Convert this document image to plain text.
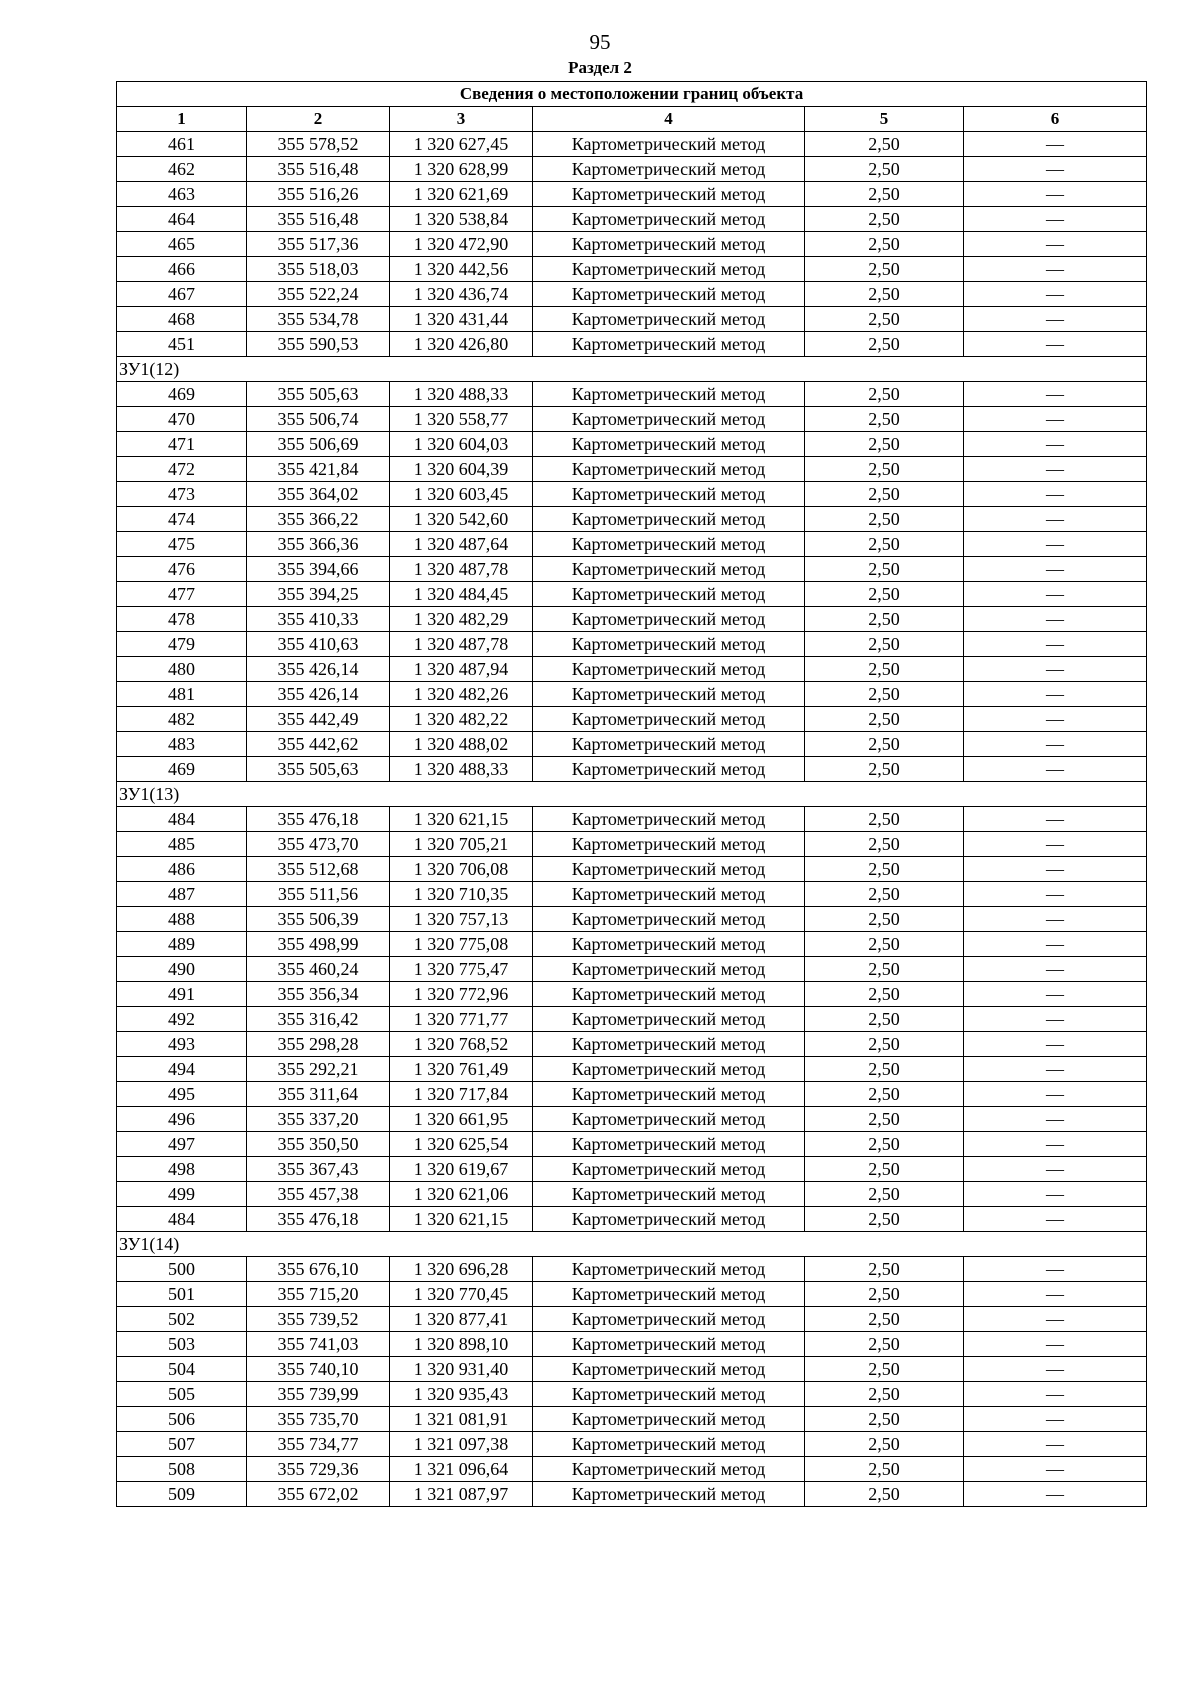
95
Раздел 2
Сведения о местоположении границ объекта					
1	2	3	4	5	6
461	355 578,52	1 320 627,45	Картометрический метод	2,50	—
462	355 516,48	1 320 628,99	Картометрический метод	2,50	—
463	355 516,26	1 320 621,69	Картометрический метод	2,50	—
464	355 516,48	1 320 538,84	Картометрический метод	2,50	—
465	355 517,36	1 320 472,90	Картометрический метод	2,50	—
466	355 518,03	1 320 442,56	Картометрический метод	2,50	—
467	355 522,24	1 320 436,74	Картометрический метод	2,50	—
468	355 534,78	1 320 431,44	Картометрический метод	2,50	—
451	355 590,53	1 320 426,80	Картометрический метод	2,50	—
ЗУ1(12)					
469	355 505,63	1 320 488,33	Картометрический метод	2,50	—
470	355 506,74	1 320 558,77	Картометрический метод	2,50	—
471	355 506,69	1 320 604,03	Картометрический метод	2,50	—
472	355 421,84	1 320 604,39	Картометрический метод	2,50	—
473	355 364,02	1 320 603,45	Картометрический метод	2,50	—
474	355 366,22	1 320 542,60	Картометрический метод	2,50	—
475	355 366,36	1 320 487,64	Картометрический метод	2,50	—
476	355 394,66	1 320 487,78	Картометрический метод	2,50	—
477	355 394,25	1 320 484,45	Картометрический метод	2,50	—
478	355 410,33	1 320 482,29	Картометрический метод	2,50	—
479	355 410,63	1 320 487,78	Картометрический метод	2,50	—
480	355 426,14	1 320 487,94	Картометрический метод	2,50	—
481	355 426,14	1 320 482,26	Картометрический метод	2,50	—
482	355 442,49	1 320 482,22	Картометрический метод	2,50	—
483	355 442,62	1 320 488,02	Картометрический метод	2,50	—
469	355 505,63	1 320 488,33	Картометрический метод	2,50	—
ЗУ1(13)					
484	355 476,18	1 320 621,15	Картометрический метод	2,50	—
485	355 473,70	1 320 705,21	Картометрический метод	2,50	—
486	355 512,68	1 320 706,08	Картометрический метод	2,50	—
487	355 511,56	1 320 710,35	Картометрический метод	2,50	—
488	355 506,39	1 320 757,13	Картометрический метод	2,50	—
489	355 498,99	1 320 775,08	Картометрический метод	2,50	—
490	355 460,24	1 320 775,47	Картометрический метод	2,50	—
491	355 356,34	1 320 772,96	Картометрический метод	2,50	—
492	355 316,42	1 320 771,77	Картометрический метод	2,50	—
493	355 298,28	1 320 768,52	Картометрический метод	2,50	—
494	355 292,21	1 320 761,49	Картометрический метод	2,50	—
495	355 311,64	1 320 717,84	Картометрический метод	2,50	—
496	355 337,20	1 320 661,95	Картометрический метод	2,50	—
497	355 350,50	1 320 625,54	Картометрический метод	2,50	—
498	355 367,43	1 320 619,67	Картометрический метод	2,50	—
499	355 457,38	1 320 621,06	Картометрический метод	2,50	—
484	355 476,18	1 320 621,15	Картометрический метод	2,50	—
ЗУ1(14)					
500	355 676,10	1 320 696,28	Картометрический метод	2,50	—
501	355 715,20	1 320 770,45	Картометрический метод	2,50	—
502	355 739,52	1 320 877,41	Картометрический метод	2,50	—
503	355 741,03	1 320 898,10	Картометрический метод	2,50	—
504	355 740,10	1 320 931,40	Картометрический метод	2,50	—
505	355 739,99	1 320 935,43	Картометрический метод	2,50	—
506	355 735,70	1 321 081,91	Картометрический метод	2,50	—
507	355 734,77	1 321 097,38	Картометрический метод	2,50	—
508	355 729,36	1 321 096,64	Картометрический метод	2,50	—
509	355 672,02	1 321 087,97	Картометрический метод	2,50	—
